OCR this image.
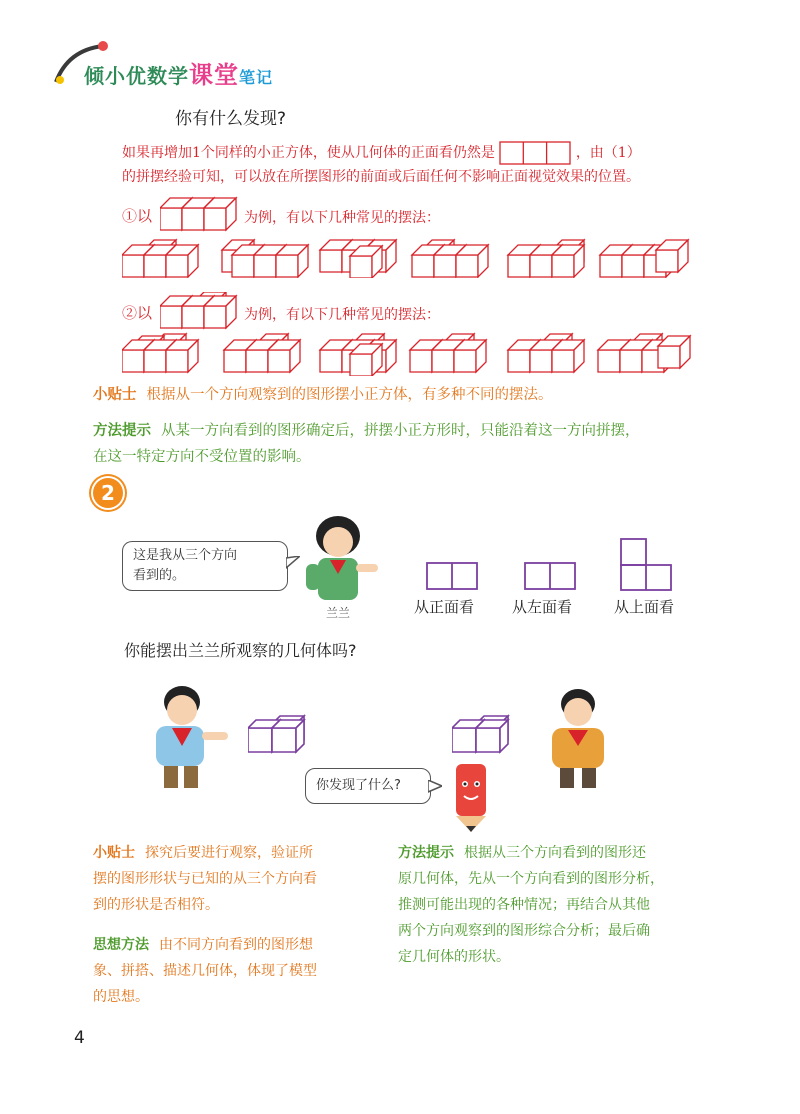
倾小优数学课堂笔记
你有什么发现?
如果再增加1个同样的小正方体，使从几何体的正面看仍然是	，由（1）
的拼摆经验可知，可以放在所摆图形的前面或后面任何不影响正面视觉效果的位置。
①以	为例，有以下几种常见的摆法：
②以	为例，有以下几种常见的摆法：
小贴士 根据从一个方向观察到的图形摆小正方体，有多种不同的摆法。
方法提示 从某一方向看到的图形确定后，拼摆小正方形时，只能沿着这一方向拼摆，
在这一特定方向不受位置的影响。
2
这是我从三个方向
看到的。
兰兰	从正面看	从左面看	从上面看
你能摆出兰兰所观察的几何体吗?
你发现了什么?
小贴士 探究后要进行观察，验证所
摆的图形形状与已知的从三个方向看
到的形状是否相符。
思想方法 由不同方向看到的图形想
象、拼搭、描述几何体，体现了模型
的思想。
方法提示 根据从三个方向看到的图形还
原几何体，先从一个方向看到的图形分析，
推测可能出现的各种情况；再结合从其他
两个方向观察到的图形综合分析；最后确
定几何体的形状。
4
